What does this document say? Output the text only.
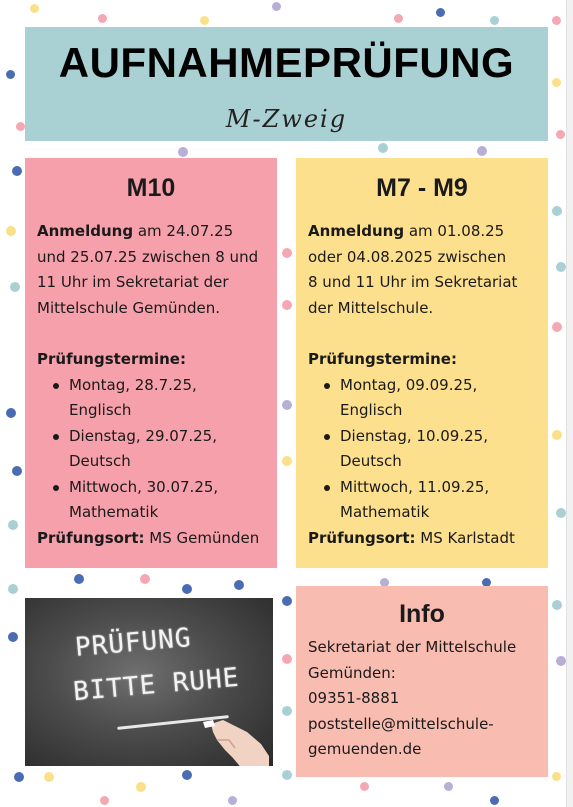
AUFNAHMEPRÜFUNG
M-Zweig
M10
Anmeldung am 24.07.25
und 25.07.25 zwischen 8 und
11 Uhr im Sekretariat der
Mittelschule Gemünden.
Prüfungstermine:
Montag, 28.7.25,
Englisch
Dienstag, 29.07.25,
Deutsch
Mittwoch, 30.07.25,
Mathematik
Prüfungsort: MS Gemünden
M7 - M9
Anmeldung am 01.08.25
oder 04.08.2025 zwischen
8 und 11 Uhr im Sekretariat
der Mittelschule.
Prüfungstermine:
Montag, 09.09.25,
Englisch
Dienstag, 10.09.25,
Deutsch
Mittwoch, 11.09.25,
Mathematik
Prüfungsort: MS Karlstadt
PRÜFUNG
BITTE RUHE
Info
Sekretariat der Mittelschule
Gemünden:
09351-8881
poststelle@mittelschule-
gemuenden.de
